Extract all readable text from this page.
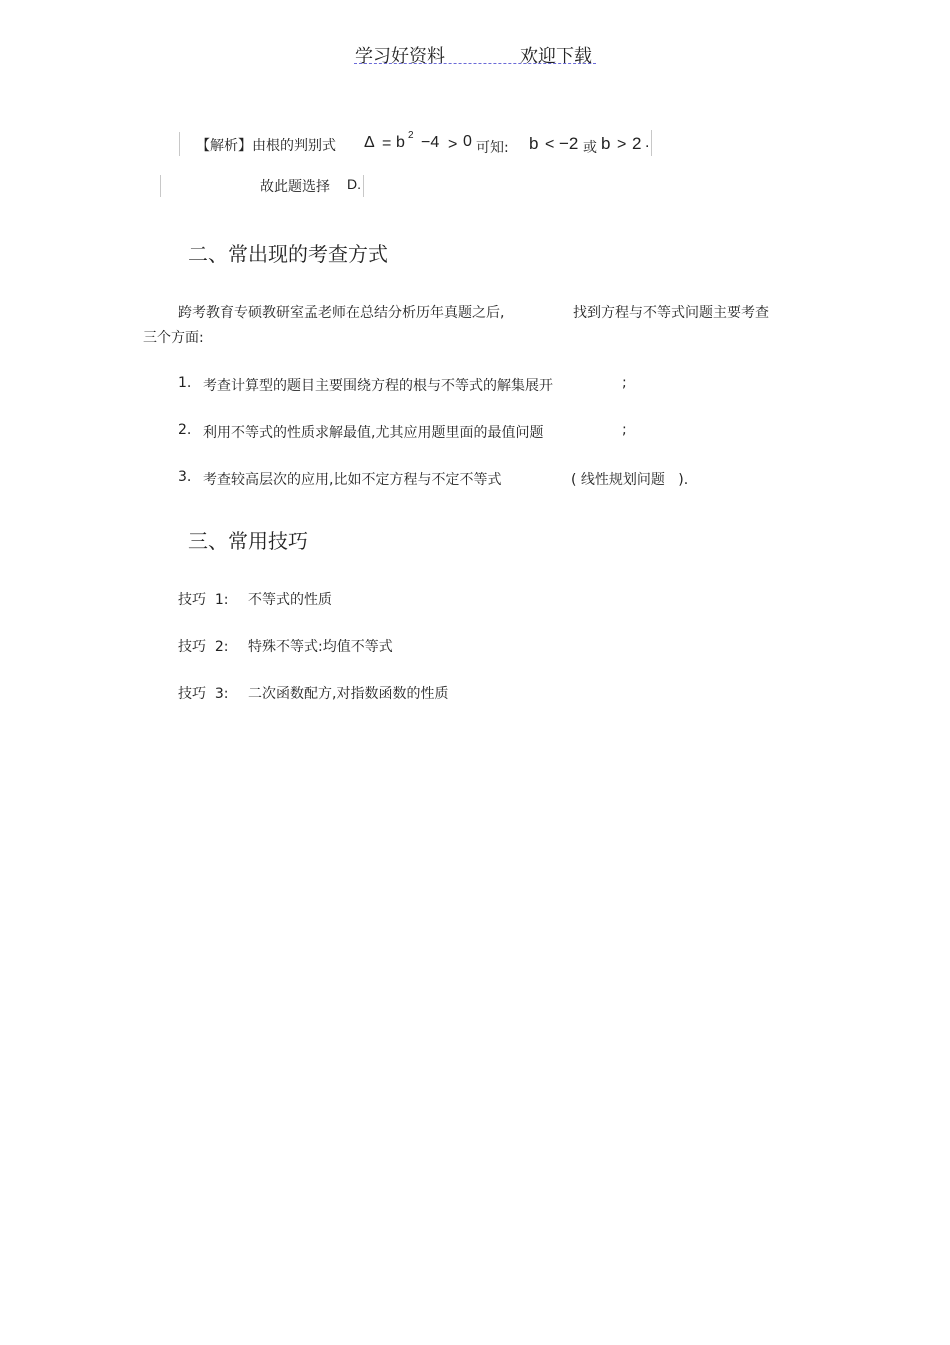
学习好资料	欢迎下载
【解析】由根的判别式 Δ = b 2 −4 > 0 可知: b < −2 或 b > 2 .
故此题选择 D.
二、常出现的考查方式
跨考教育专硕教研室孟老师在总结分析历年真题之后,	找到方程与不等式问题主要考查
三个方面:
1. 考查计算型的题目主要围绕方程的根与不等式的解集展开	;
2. 利用不等式的性质求解最值,尤其应用题里面的最值问题	;
3. 考查较高层次的应用,比如不定方程与不定不等式	( 线性规划问题   ).
三、常用技巧
技巧  1: 不等式的性质
技巧  2: 特殊不等式:均值不等式
技巧  3: 二次函数配方,对指数函数的性质
